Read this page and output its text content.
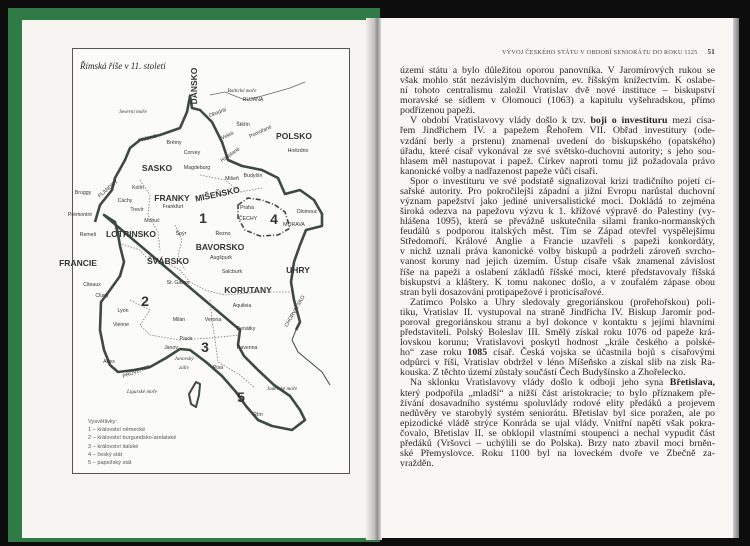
DÁNSKO	Baltické moře
RUJANA
Severní moře	Obodriti
Štětín
Veleti	Pomořané POLSKO
Hnězdno
FRÍSKO Brémy
Corvey	Havolané
SASKO Magdeburg
Mišeň Budyšín
Kolín
Bruggy FLANDRY	FRANKY MIŠEŇSKO
Cáchy
Frankfurt
Trevír	Praha
Prémontré
Mohuč	1	ČECHY 4	Olomouc
MORAVA
Remeš LOTRINSKO	Špýr	Řezno
BAVORSKO
FRANCIE	ŠVÁBSKO	Augšpurk
Salcburk	UHRY
Citeaux	St. Gallen
KORUTANY
Cluny 2
Lyon
Aquileia	CHORVATSKO
Milán	Verona
Vienne
Benátky
Pavie
Janov 3	Ravenna
Janovský
záliv	Pisa
Arles
PROVENCE
Ligurské moře	Jaderské moře
5
Řím
Římská říše v 11. století
Vysvětlivky:
1 – království německé
2 – království burgundsko-arelatské
3 – království italské
4 – český stát
5 – papežský stát
VÝVOJ ČESKÉHO STÁTU V OBDOBÍ SENIORÁTU DO ROKU 1125 51
území státu a bylo důležitou oporou panovníka. V Jaromírových rukou se
však mohlo stát nezávislým duchovním, ev. říšským knížectvím. K oslabe-
ní tohoto centralismu založil Vratislav dvě nové instituce – biskupství
moravské se sídlem v Olomouci (1063) a kapitulu vyšehradskou, přímo
podřízenou papeži.
V období Vratislavovy vlády došlo k tzv. boji o investituru mezi císa-
řem Jindřichem IV. a papežem Řehořem VII. Obřad investitury (ode-
vzdání berly a prstenu) znamenal uvedení do biskupského (opatského)
úřadu, které císař vykonával ze své světsko-duchovní autority; s jeho sou-
hlasem měl nastupovat i papež. Církev naproti tomu již požadovala právo
kanonické volby a nadřazenost papeže vůči císaři.
Spor o investituru ve své podstatě signalizoval krizi tradičního pojetí cí-
sařské autority. Pro pokročilejší západní a jižní Evropu narůstal duchovní
význam papežství jako jediné universalistické moci. Dokládá to zejména
široká odezva na papežovu výzvu k 1. křížové výpravě do Palestiny (vy-
hlášena 1095), která se převážně uskutečnila silami franko-normanských
feudálů s podporou italských měst. Tím se Západ otevřel vyspělejšímu
Středomoří. Králové Anglie a Francie uzavřeli s papeži konkordáty,
v nichž uznali práva kanonické volby biskupů a podrželi zároveň svrcho-
vanost koruny nad jejich územím. Ústup císaře však znamenal závislost
říše na papeži a oslabení základů říšské moci, které představovaly říšská
biskupství a kláštery. K tomu nakonec došlo, a v zoufalém zápase obou
stran byli dosazováni protipapežové i proticísařové.
Zatímco Polsko a Uhry sledovaly gregoriánskou (prořehořskou) poli-
tiku, Vratislav II. vystupoval na straně Jindřicha IV. Biskup Jaromír pod-
poroval gregoriánskou stranu a byl dokonce v kontaktu s jejími hlavními
představiteli. Polský Boleslav III. Smělý získal roku 1076 od papeže krá-
lovskou korunu; Vratislavovi poskytl hodnost „krále českého a polské-
ho“ zase roku 1085 císař. Česká vojska se účastnila bojů s císařovými
odpůrci v říši, Vratislav obdržel v léno Míšeňsko a získal slib na zisk Ra-
kouska. Z těchto území zůstaly součástí Čech Budyšínsko a Zhořelecko.
Na sklonku Vratislavovy vlády došlo k odboji jeho syna Břetislava,
který podpořila „mladší“ a nižší část aristokracie; to bylo příznakem pře-
žívání dosavadního systému spoluvlády rodové elity předáků a projevem
nedůvěry ve starobylý systém seniorátu. Břetislav byl sice poražen, ale po
epizodické vládě strýce Konráda se ujal vlády. Vnitřní napětí však pokra-
čovalo, Břetislav II. se obklopil vlastními stoupenci a nechal vypudit část
předáků (Vršovci – uchýlili se do Polska). Brzy nato zbavil moci brněn-
ské Přemyslovce. Roku 1100 byl na loveckém dvoře ve Zbečně za-
vražděn.
